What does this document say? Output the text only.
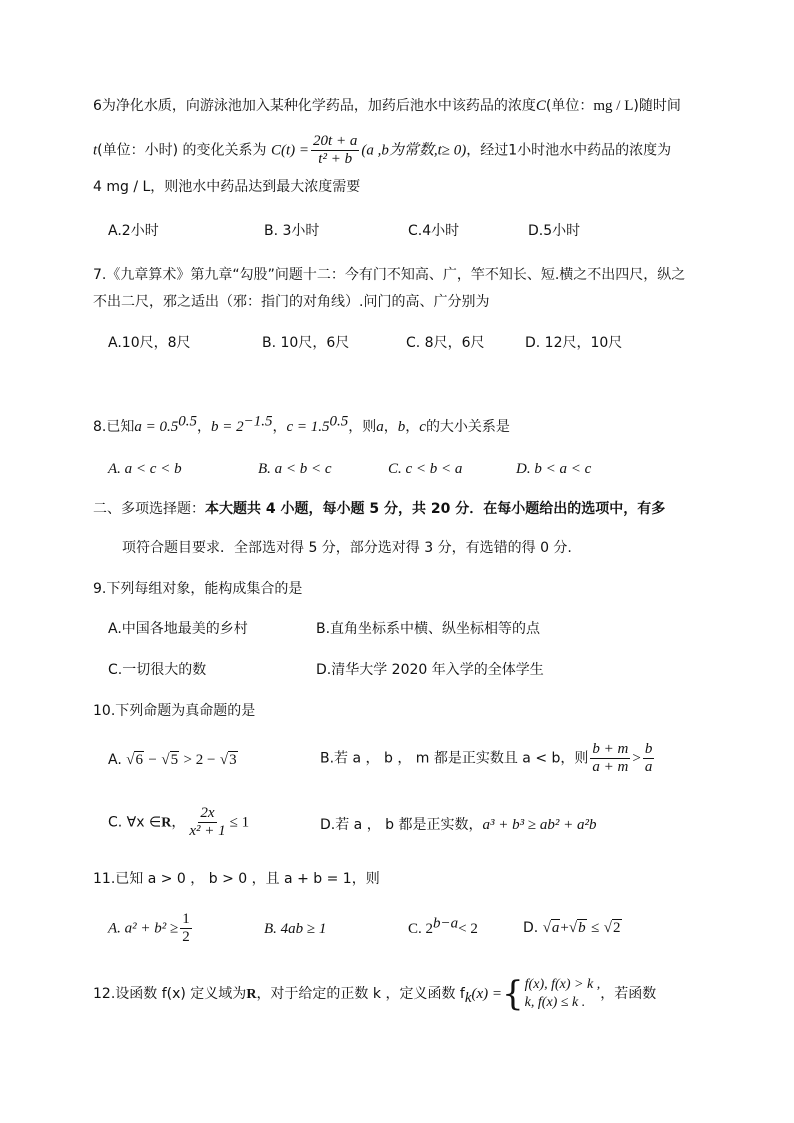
6为净化水质，向游泳池加入某种化学药品，加药后池水中该药品的浓度C(单位：mg / L)随时间
t(单位：小时) 的变化关系为 $C(t) = \frac{20t + a}{\text{t² + b}} (a$ ,b为常数,t≥ 0)，经过1小时池水中药品的浓度为
4 mg / L，则池水中药品达到最大浓度需要
A.2小时	B. 3小时	C.4小时	D.5小时
7.《九章算术》第九章“勾股”问题十二：今有门不知高、广，竿不知长、短.横之不出四尺，纵之
不出二尺，邪之适出（邪：指门的对角线）.问门的高、广分别为
A.10尺，8尺	B. 10尺，6尺	C. 8尺，6尺	D. 12尺，10尺
8.已知$a = 0.5^{0.5}$，$b = 2^{-1.5}$，$c = 1.5^{0.5}$，则a，b，c的大小关系是
A. a < c < b	B. a < b < c	C. c < b < a	D. b < a < c
二、多项选择题：本大题共 4 小题，每小题 5 分，共 20 分．在每小题给出的选项中，有多
项符合题目要求．全部选对得 5 分，部分选对得 3 分，有选错的得 0 分.
9.下列每组对象，能构成集合的是
A.中国各地最美的乡村	B.直角坐标系中横、纵坐标相等的点
C.一切很大的数	D.清华大学 2020 年入学的全体学生
10.下列命题为真命题的是
A. √6 − √5 > 2 − √3	B.若 a ， b ， m 都是正实数且 a < b，则 $\frac{b + m}{a + m} > \frac{b}{a}$
C. ∀x ∈R， $\frac{2x}{\text{x² + 1}} \le 1$	D.若 a ， b 都是正实数，a³ + b³ ≥ ab² + a²b
11.已知 a > 0 ， b > 0 ，且 a + b = 1，则
A. $a^2 + b^2 \ge \frac{1}{2}$	B. 4ab ≥ 1	C. $2^{b-a}< 2$	D. √a+√b ≤ √2
12.设函数 f(x) 定义域为R，对于给定的正数 k ，定义函数 $f_k(x)$ ={ f(x), f(x) > k ,
k, f(x) ≤ k .
，若函数
